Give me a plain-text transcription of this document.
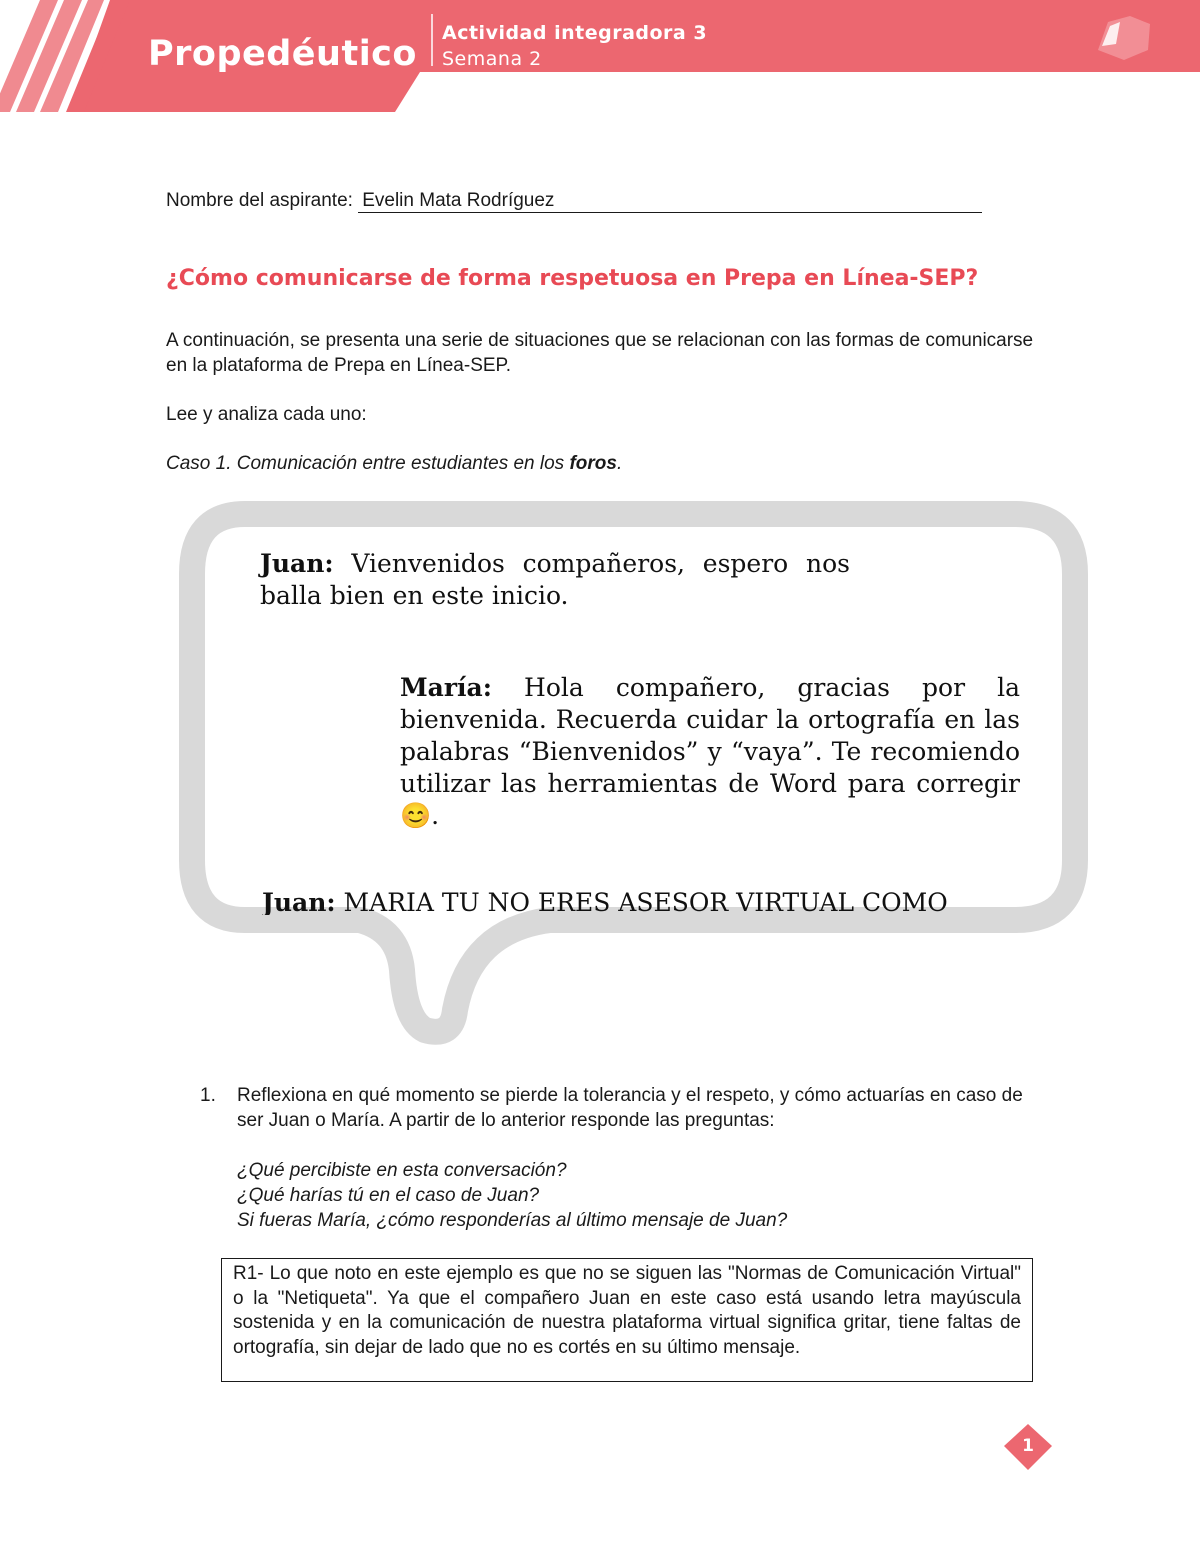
Propedéutico
Actividad integradora 3
Semana 2
Nombre del aspirante: Evelin Mata Rodríguez
¿Cómo comunicarse de forma respetuosa en Prepa en Línea-SEP?
A continuación, se presenta una serie de situaciones que se relacionan con las formas de comunicarse en la plataforma de Prepa en Línea-SEP.
Lee y analiza cada uno:
Caso 1. Comunicación entre estudiantes en los foros.
Juan: Vienvenidos compañeros, espero nos balla bien en este inicio.
María: Hola compañero, gracias por la bienvenida. Recuerda cuidar la ortografía en las palabras “Bienvenidos” y “vaya”. Te recomiendo utilizar las herramientas de Word para corregir 😊.
Juan: MARIA TU NO ERES ASESOR VIRTUAL COMO
1. Reflexiona en qué momento se pierde la tolerancia y el respeto, y cómo actuarías en caso de ser Juan o María. A partir de lo anterior responde las preguntas:
¿Qué percibiste en esta conversación?
¿Qué harías tú en el caso de Juan?
Si fueras María, ¿cómo responderías al último mensaje de Juan?
R1- Lo que noto en este ejemplo es que no se siguen las "Normas de Comunicación Virtual" o la "Netiqueta". Ya que el compañero Juan en este caso está usando letra mayúscula sostenida y en la comunicación de nuestra plataforma virtual significa gritar, tiene faltas de ortografía, sin dejar de lado que no es cortés en su último mensaje.
1
